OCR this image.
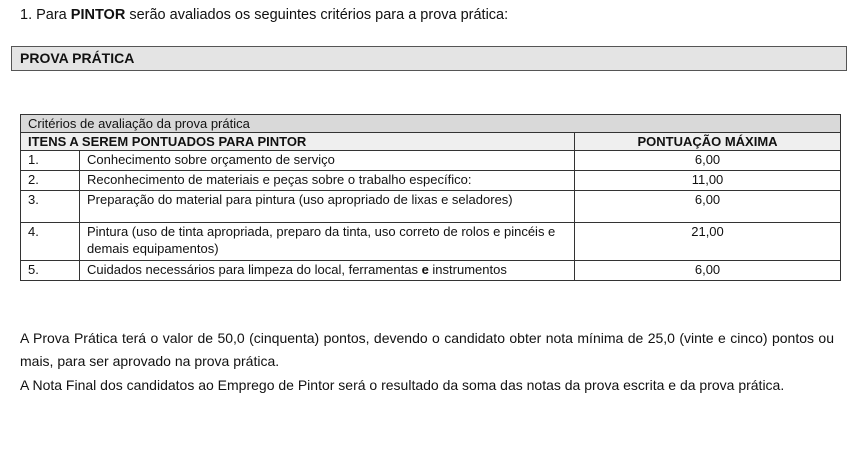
1. Para PINTOR serão avaliados os seguintes critérios para a prova prática:
PROVA PRÁTICA
Critérios de avaliação da prova prática		
ITENS A SEREM PONTUADOS PARA PINTOR		PONTUAÇÃO MÁXIMA
1.	Conhecimento sobre orçamento de serviço	6,00
2.	Reconhecimento de materiais e peças sobre o trabalho específico:	11,00
3.	Preparação do material para pintura (uso apropriado de lixas e seladores)	6,00
4.	Pintura (uso de tinta apropriada, preparo da tinta, uso correto de rolos e pincéis e demais equipamentos)	21,00
5.	Cuidados necessários para limpeza do local, ferramentas e instrumentos	6,00

A Prova Prática terá o valor de 50,0 (cinquenta) pontos, devendo o candidato obter nota mínima de 25,0 (vinte e cinco) pontos ou mais, para ser aprovado na prova prática.

A Nota Final dos candidatos ao Emprego de Pintor será o resultado da soma das notas da prova escrita e da prova prática.
